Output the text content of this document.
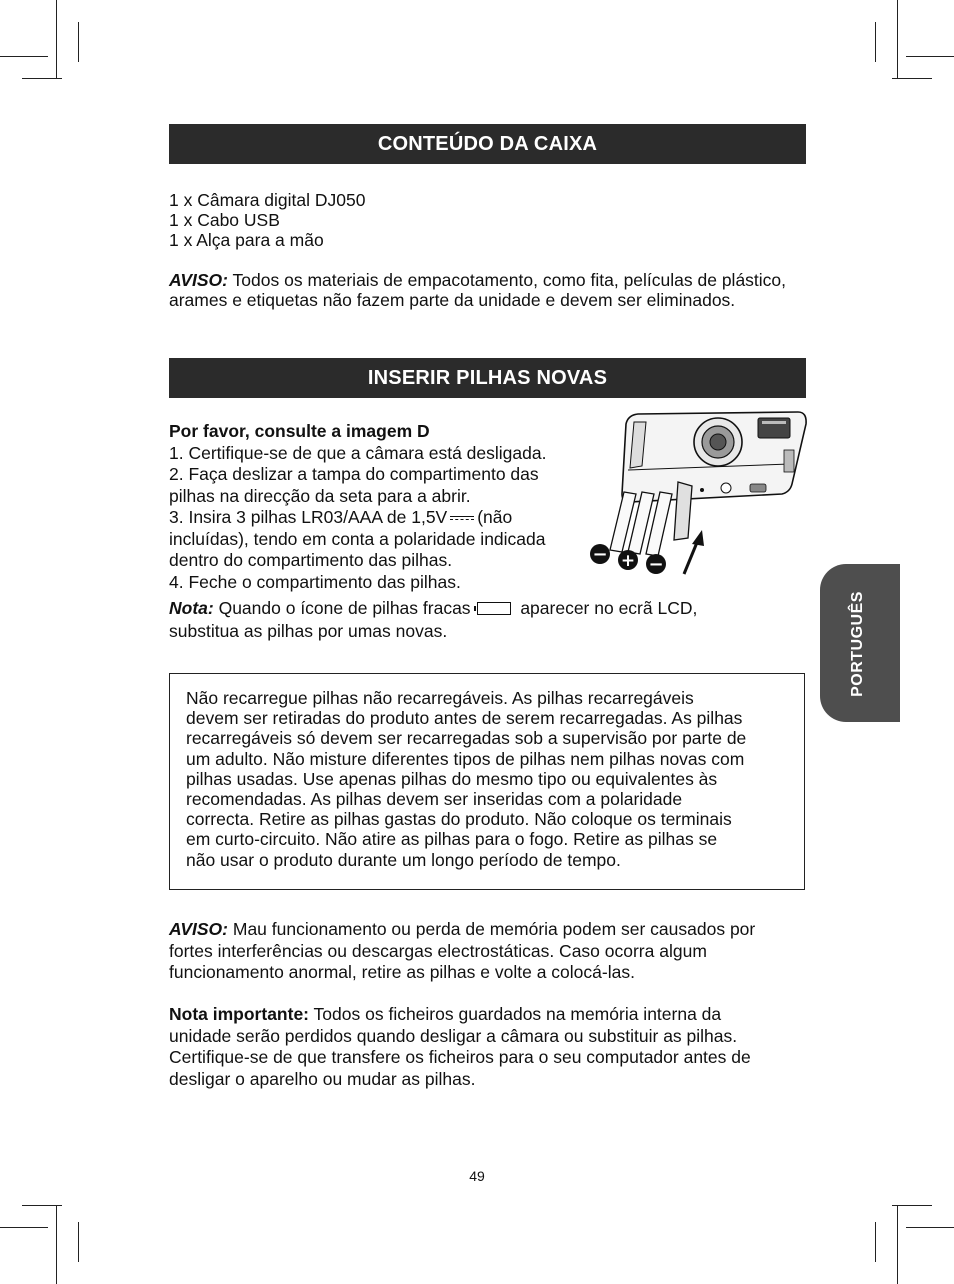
CONTEÚDO DA CAIXA

1 x Câmara digital DJ050

1 x Cabo USB

1 x Alça para a mão

AVISO: Todos os materiais de empacotamento, como fita, películas de plástico, arames e etiquetas não fazem parte da unidade e devem ser eliminados.

INSERIR PILHAS NOVAS

Por favor, consulte a imagem D

1. Certifique-se de que a câmara está desligada.

2. Faça deslizar a tampa do compartimento das

pilhas na direcção da seta para a abrir.

3. Insira 3 pilhas LR03/AAA de 1,5V (não

incluídas), tendo em conta a polaridade indicada

dentro do compartimento das pilhas.

4. Feche o compartimento das pilhas.

Nota: Quando o ícone de pilhas fracas	aparecer no ecrã LCD,

substitua as pilhas por umas novas.

− + −
Não recarregue pilhas não recarregáveis. As pilhas recarregáveis
devem ser retiradas do produto antes de serem recarregadas. As pilhas
recarregáveis só devem ser recarregadas sob a supervisão por parte de
um adulto. Não misture diferentes tipos de pilhas nem pilhas novas com
pilhas usadas. Use apenas pilhas do mesmo tipo ou equivalentes às
recomendadas. As pilhas devem ser inseridas com a polaridade
correcta. Retire as pilhas gastas do produto. Não coloque os terminais
em curto-circuito. Não atire as pilhas para o fogo. Retire as pilhas se
não usar o produto durante um longo período de tempo.

AVISO: Mau funcionamento ou perda de memória podem ser causados por

fortes interferências ou descargas electrostáticas. Caso ocorra algum

funcionamento anormal, retire as pilhas e volte a colocá-las.

Nota importante: Todos os ficheiros guardados na memória interna da

unidade serão perdidos quando desligar a câmara ou substituir as pilhas.

Certifique-se de que transfere os ficheiros para o seu computador antes de

desligar o aparelho ou mudar as pilhas.

PORTUGUÊS
49
